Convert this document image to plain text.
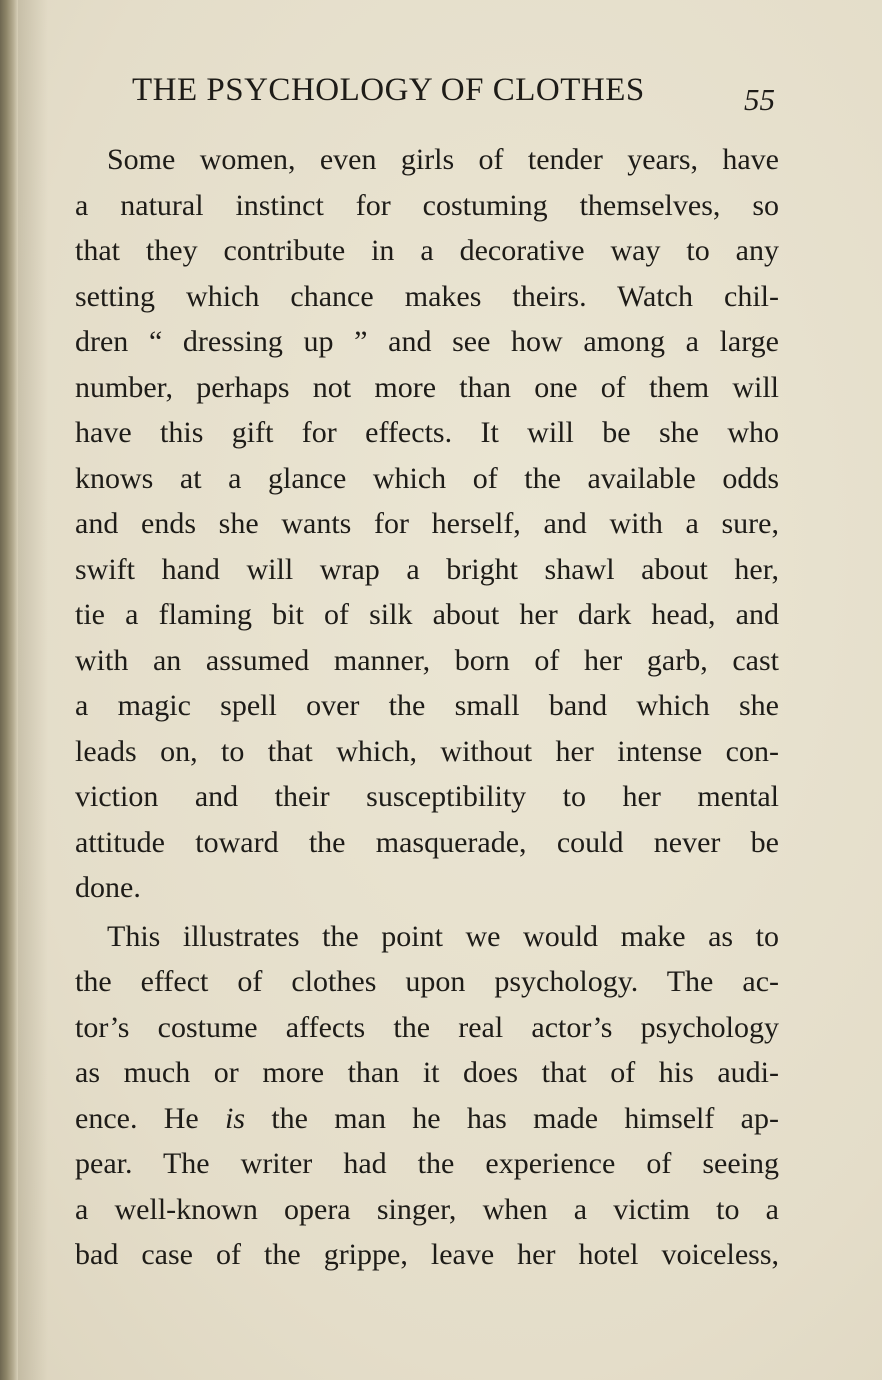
THE PSYCHOLOGY OF CLOTHES	55
Some women, even girls of tender years, have
a natural instinct for costuming themselves, so
that they contribute in a decorative way to any
setting which chance makes theirs. Watch chil-
dren “ dressing up ” and see how among a large
number, perhaps not more than one of them will
have this gift for effects. It will be she who
knows at a glance which of the available odds
and ends she wants for herself, and with a sure,
swift hand will wrap a bright shawl about her,
tie a flaming bit of silk about her dark head, and
with an assumed manner, born of her garb, cast
a magic spell over the small band which she
leads on, to that which, without her intense con-
viction and their susceptibility to her mental
attitude toward the masquerade, could never be
done.
This illustrates the point we would make as to
the effect of clothes upon psychology. The ac-
tor’s costume affects the real actor’s psychology
as much or more than it does that of his audi-
ence. He is the man he has made himself ap-
pear. The writer had the experience of seeing
a well-known opera singer, when a victim to a
bad case of the grippe, leave her hotel voiceless,
